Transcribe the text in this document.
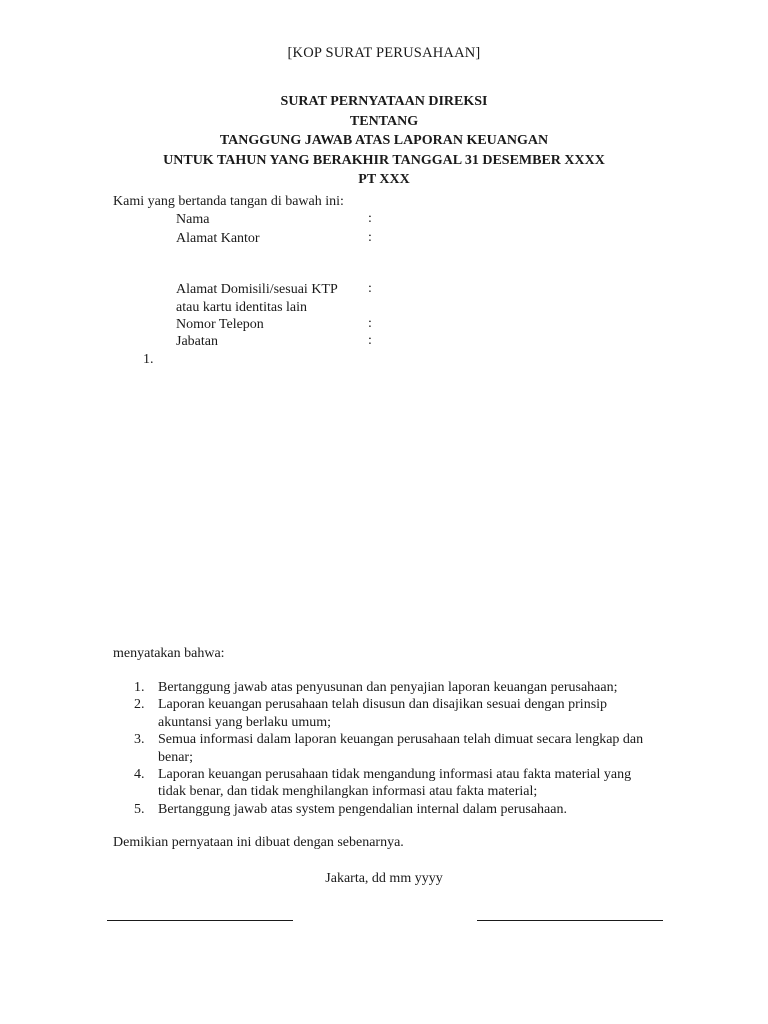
[KOP SURAT PERUSAHAAN]
SURAT PERNYATAAN DIREKSI
TENTANG
TANGGUNG JAWAB ATAS LAPORAN KEUANGAN
UNTUK TAHUN YANG BERAKHIR TANGGAL 31 DESEMBER XXXX
PT XXX
Kami yang bertanda tangan di bawah ini:
Nama	:
Alamat Kantor	:
Alamat Domisili/sesuai KTP :
atau kartu identitas lain
Nomor Telepon	:
Jabatan	:
1.
menyatakan bahwa:
1. Bertanggung jawab atas penyusunan dan penyajian laporan keuangan perusahaan;
2. Laporan keuangan perusahaan telah disusun dan disajikan sesuai dengan prinsip akuntansi yang berlaku umum;
3. Semua informasi dalam laporan keuangan perusahaan telah dimuat secara lengkap dan benar;
4. Laporan keuangan perusahaan tidak mengandung informasi atau fakta material yang tidak benar, dan tidak menghilangkan informasi atau fakta material;
5. Bertanggung jawab atas system pengendalian internal dalam perusahaan.
Demikian pernyataan ini dibuat dengan sebenarnya.
Jakarta, dd mm yyyy
